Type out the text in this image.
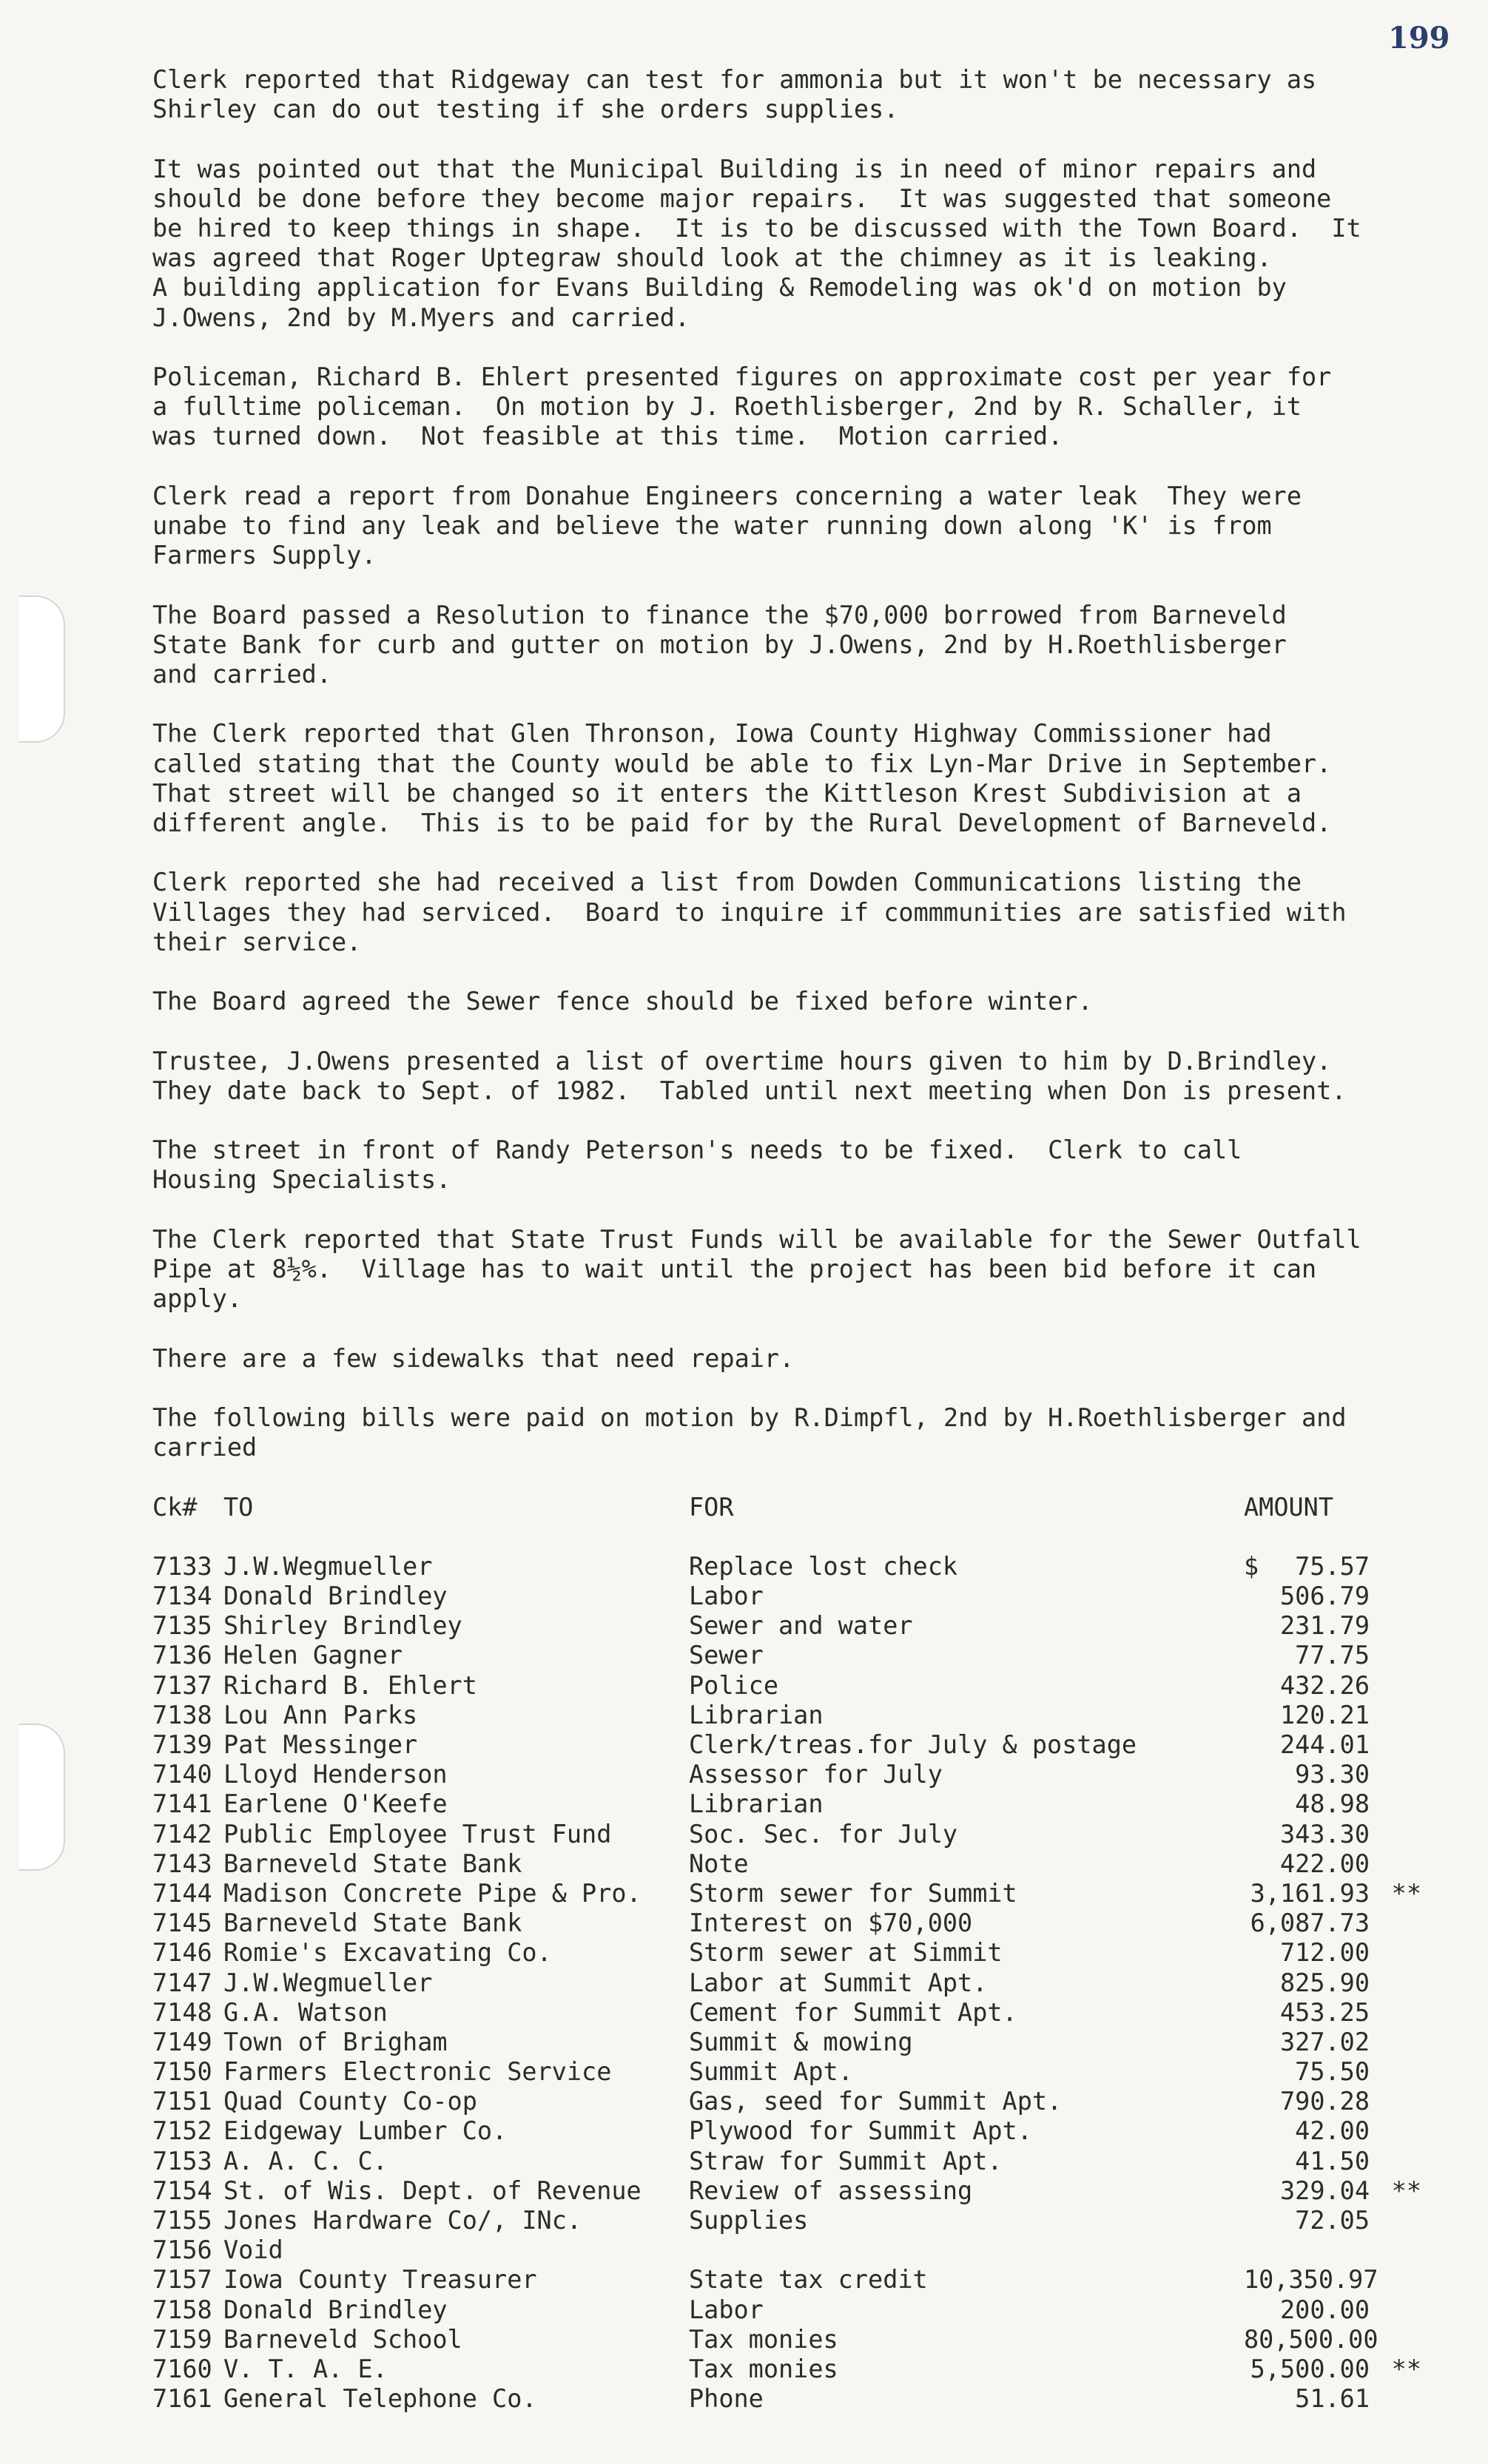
199

Clerk reported that Ridgeway can test for ammonia but it won't be necessary as
Shirley can do out testing if she orders supplies.

It was pointed out that the Municipal Building is in need of minor repairs and
should be done before they become major repairs.  It was suggested that someone
be hired to keep things in shape.  It is to be discussed with the Town Board.  It
was agreed that Roger Uptegraw should look at the chimney as it is leaking.
A building application for Evans Building & Remodeling was ok'd on motion by
J.Owens, 2nd by M.Myers and carried.

Policeman, Richard B. Ehlert presented figures on approximate cost per year for
a fulltime policeman.  On motion by J. Roethlisberger, 2nd by R. Schaller, it
was turned down.  Not feasible at this time.  Motion carried.

Clerk read a report from Donahue Engineers concerning a water leak  They were
unabe to find any leak and believe the water running down along 'K' is from
Farmers Supply.

The Board passed a Resolution to finance the $70,000 borrowed from Barneveld
State Bank for curb and gutter on motion by J.Owens, 2nd by H.Roethlisberger
and carried.

The Clerk reported that Glen Thronson, Iowa County Highway Commissioner had
called stating that the County would be able to fix Lyn-Mar Drive in September.
That street will be changed so it enters the Kittleson Krest Subdivision at a
different angle.  This is to be paid for by the Rural Development of Barneveld.

Clerk reported she had received a list from Dowden Communications listing the
Villages they had serviced.  Board to inquire if commmunities are satisfied with
their service.

The Board agreed the Sewer fence should be fixed before winter.

Trustee, J.Owens presented a list of overtime hours given to him by D.Brindley.
They date back to Sept. of 1982.  Tabled until next meeting when Don is present.

The street in front of Randy Peterson's needs to be fixed.  Clerk to call
Housing Specialists.

The Clerk reported that State Trust Funds will be available for the Sewer Outfall
Pipe at 8½%.  Village has to wait until the project has been bid before it can
apply.

There are a few sidewalks that need repair.

The following bills were paid on motion by R.Dimpfl, 2nd by H.Roethlisberger and
carried

Ck#	TO	FOR	AMOUNT
7133 J.W.Wegmueller	Replace lost check	$	75.57
7134 Donald Brindley	Labor	506.79
7135 Shirley Brindley	Sewer and water	231.79
7136 Helen Gagner	Sewer	77.75
7137 Richard B. Ehlert	Police	432.26
7138 Lou Ann Parks	Librarian	120.21
7139 Pat Messinger	Clerk/treas.for July & postage	244.01
7140 Lloyd Henderson	Assessor for July	93.30
7141 Earlene O'Keefe	Librarian	48.98
7142 Public Employee Trust Fund	Soc. Sec. for July	343.30
7143 Barneveld State Bank	Note	422.00
7144 Madison Concrete Pipe & Pro.	Storm sewer for Summit	3,161.93 **
7145 Barneveld State Bank	Interest on $70,000	6,087.73
7146 Romie's Excavating Co.	Storm sewer at Simmit	712.00
7147 J.W.Wegmueller	Labor at Summit Apt.	825.90
7148 G.A. Watson	Cement for Summit Apt.	453.25
7149 Town of Brigham	Summit & mowing	327.02
7150 Farmers Electronic Service	Summit Apt.	75.50
7151 Quad County Co-op	Gas, seed for Summit Apt.	790.28
7152 Eidgeway Lumber Co.	Plywood for Summit Apt.	42.00
7153 A. A. C. C.	Straw for Summit Apt.	41.50
7154 St. of Wis. Dept. of Revenue	Review of assessing	329.04 **
7155 Jones Hardware Co/, INc.	Supplies	72.05
7156 Void
7157 Iowa County Treasurer	State tax credit	10,350.97
7158 Donald Brindley	Labor	200.00
7159 Barneveld School	Tax monies	80,500.00
7160 V. T. A. E.	Tax monies	5,500.00 **
7161 General Telephone Co.	Phone	51.61
